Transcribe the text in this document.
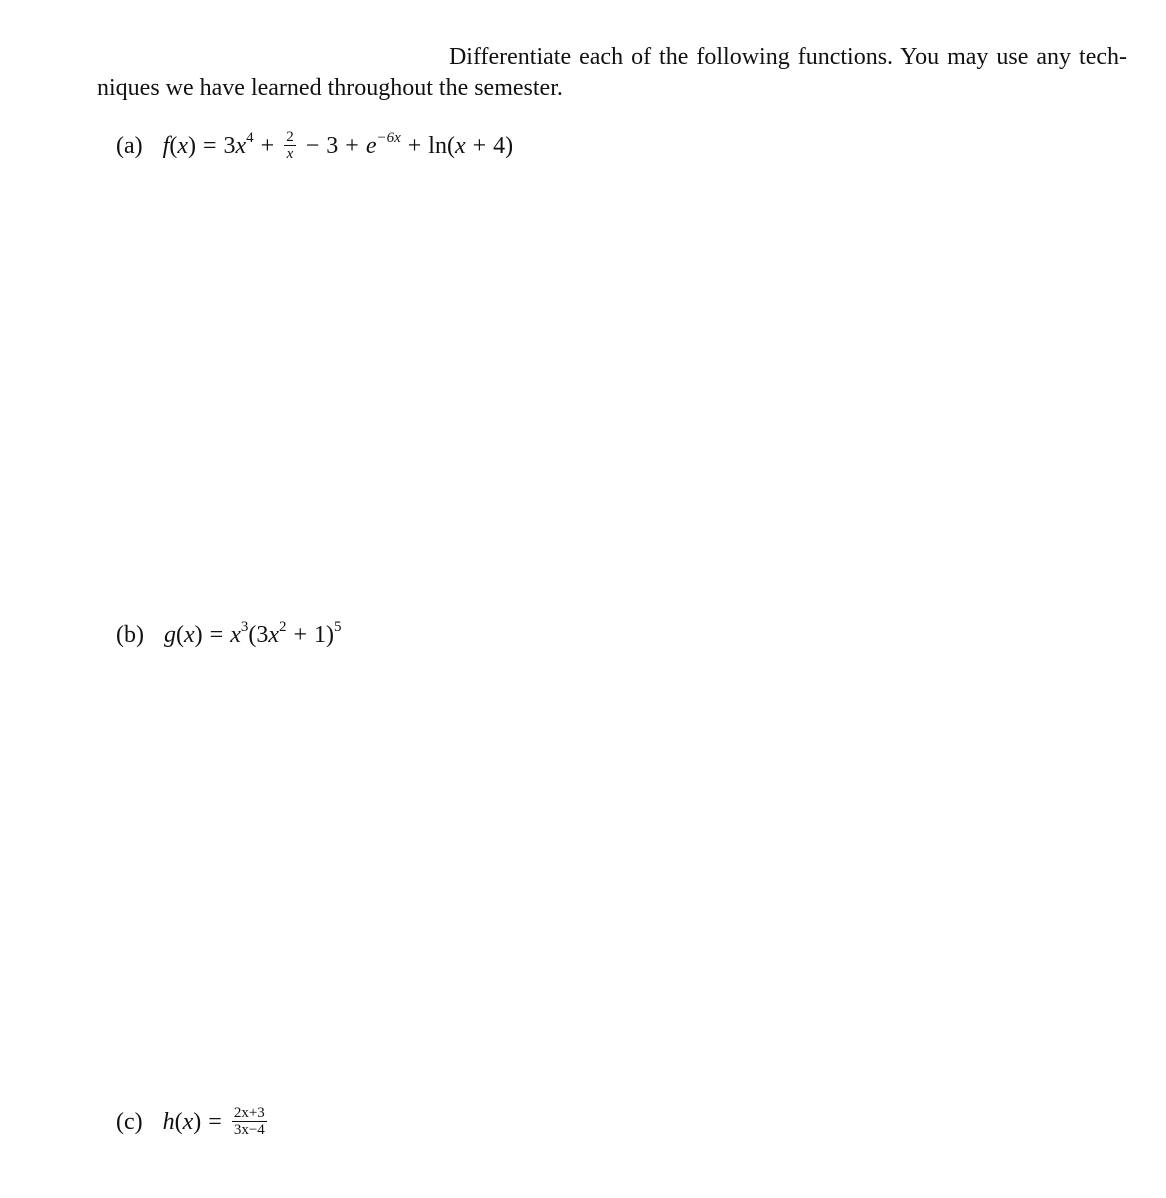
Differentiate each of the following functions. You may use any tech-
niques we have learned throughout the semester.
(a) $f(x) = 3x^4 + \frac{2}{x} - 3 + e^{-6x} + \ln(x + 4)$
(b) $g(x) = x^3(3x^2 + 1)^5$
(c) $h(x) = \frac{2x+3}{3x-4}$
